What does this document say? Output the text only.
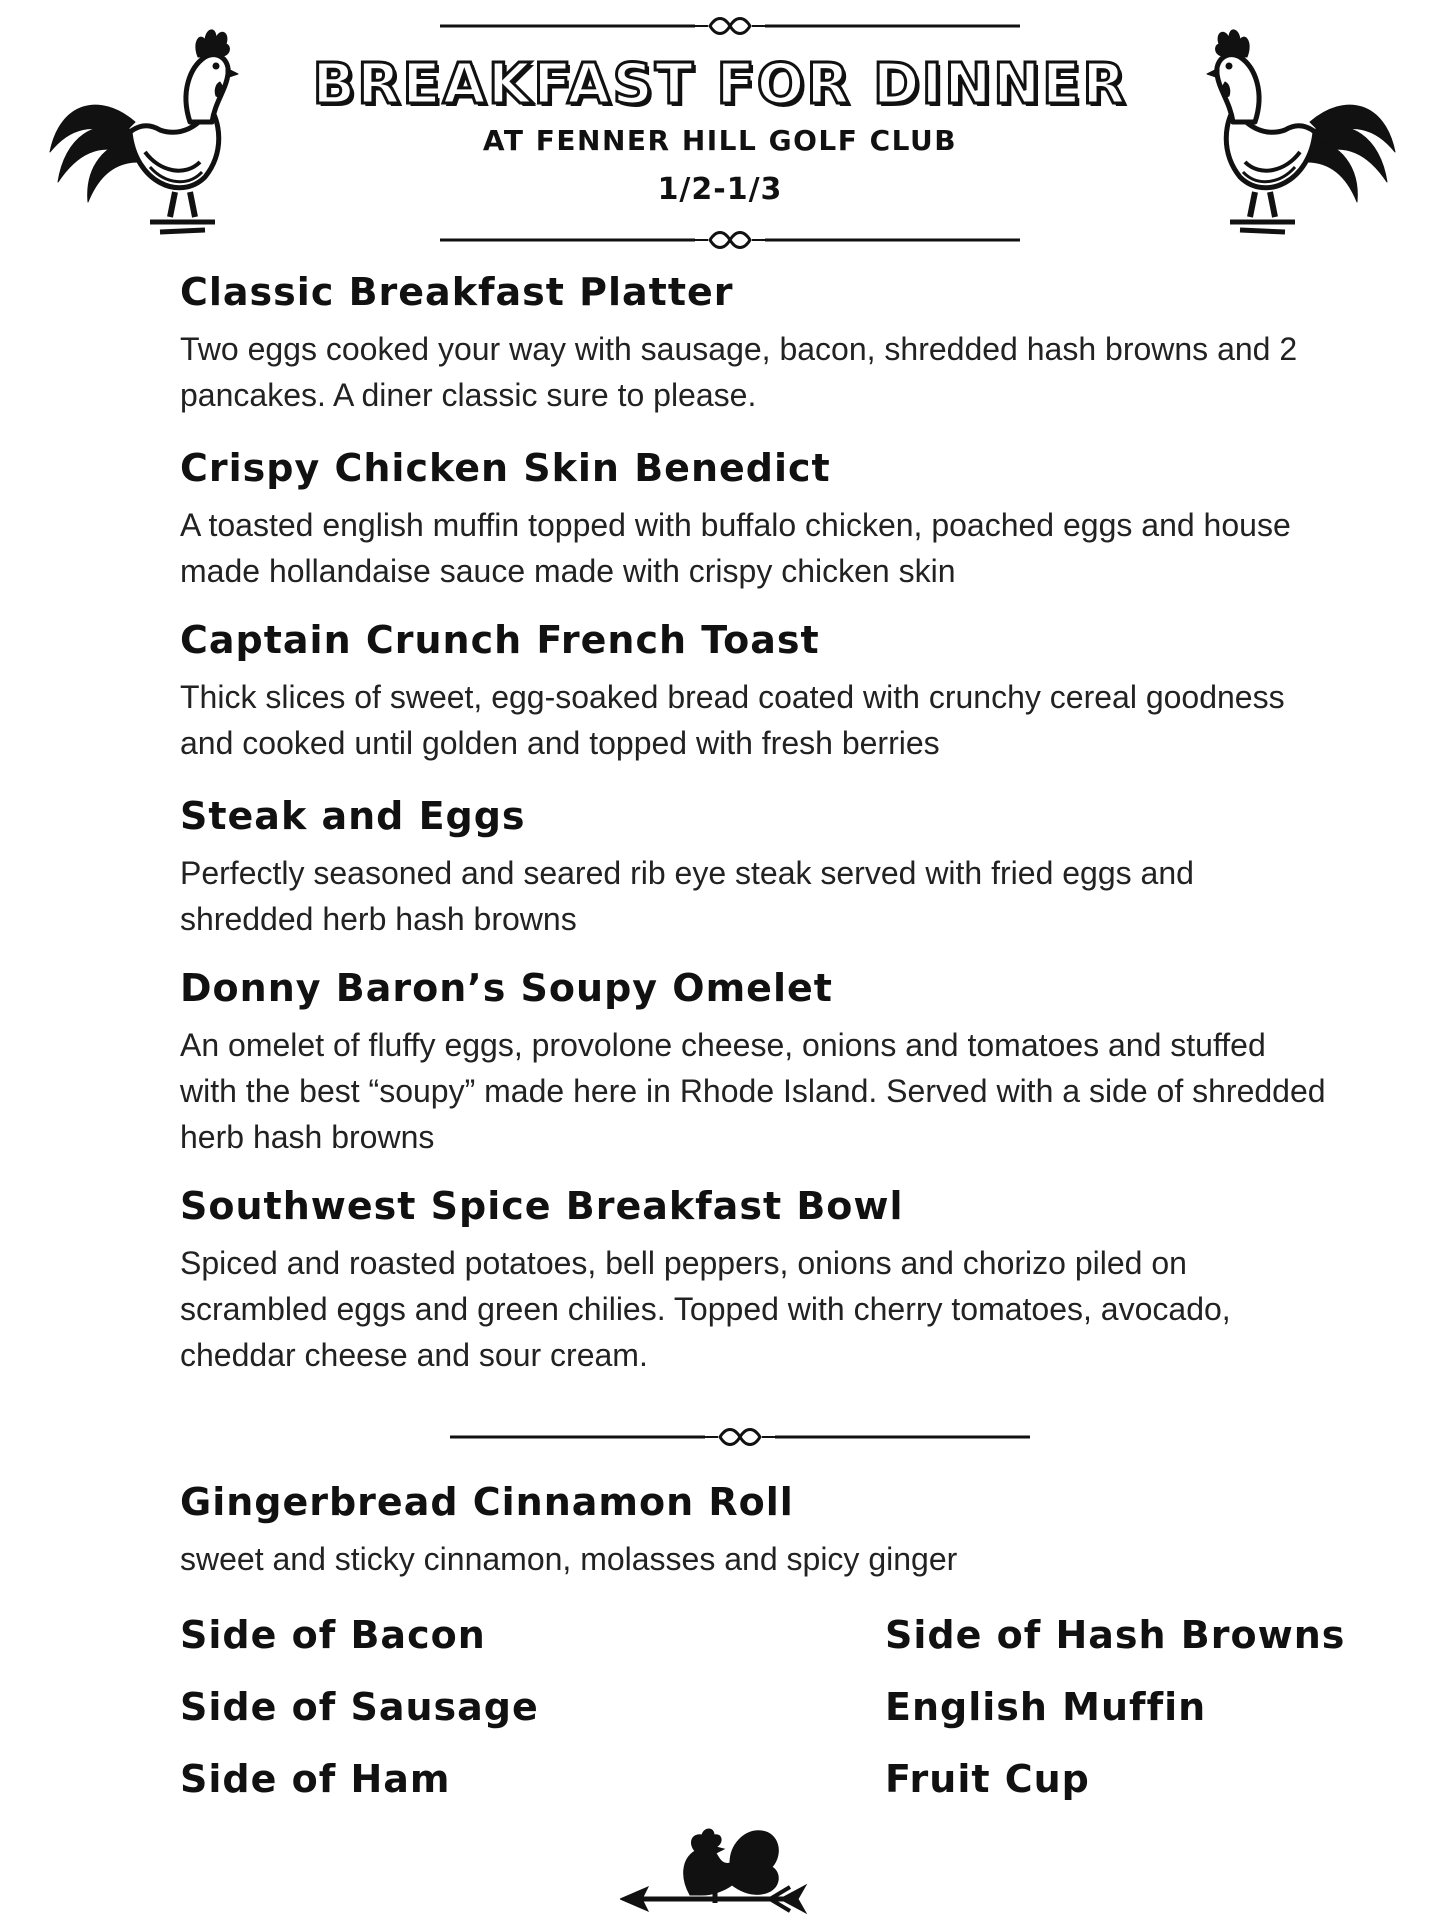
BREAKFAST FOR DINNER
AT FENNER HILL GOLF CLUB
1/2-1/3
Classic Breakfast Platter

Two eggs cooked your way with sausage, bacon, shredded hash browns and 2 pancakes. A diner classic sure to please.

Crispy Chicken Skin Benedict

A toasted english muffin topped with buffalo chicken, poached eggs and house made hollandaise sauce made with crispy chicken skin

Captain Crunch French Toast

Thick slices of sweet, egg-soaked bread coated with crunchy cereal goodness and cooked until golden and topped with fresh berries

Steak and Eggs

Perfectly seasoned and seared rib eye steak served with fried eggs and shredded herb hash browns

Donny Baron’s Soupy Omelet

An omelet of fluffy eggs, provolone cheese, onions and tomatoes and stuffed with the best “soupy” made here in Rhode Island. Served with a side of shredded herb hash browns

Southwest Spice Breakfast Bowl

Spiced and roasted potatoes, bell peppers, onions and chorizo piled on scrambled eggs and green chilies. Topped with cherry tomatoes, avocado, cheddar cheese and sour cream.

Gingerbread Cinnamon Roll

sweet and sticky cinnamon, molasses and spicy ginger

Side of Bacon	Side of Hash Browns
Side of Sausage	English Muffin
Side of Ham	Fruit Cup
